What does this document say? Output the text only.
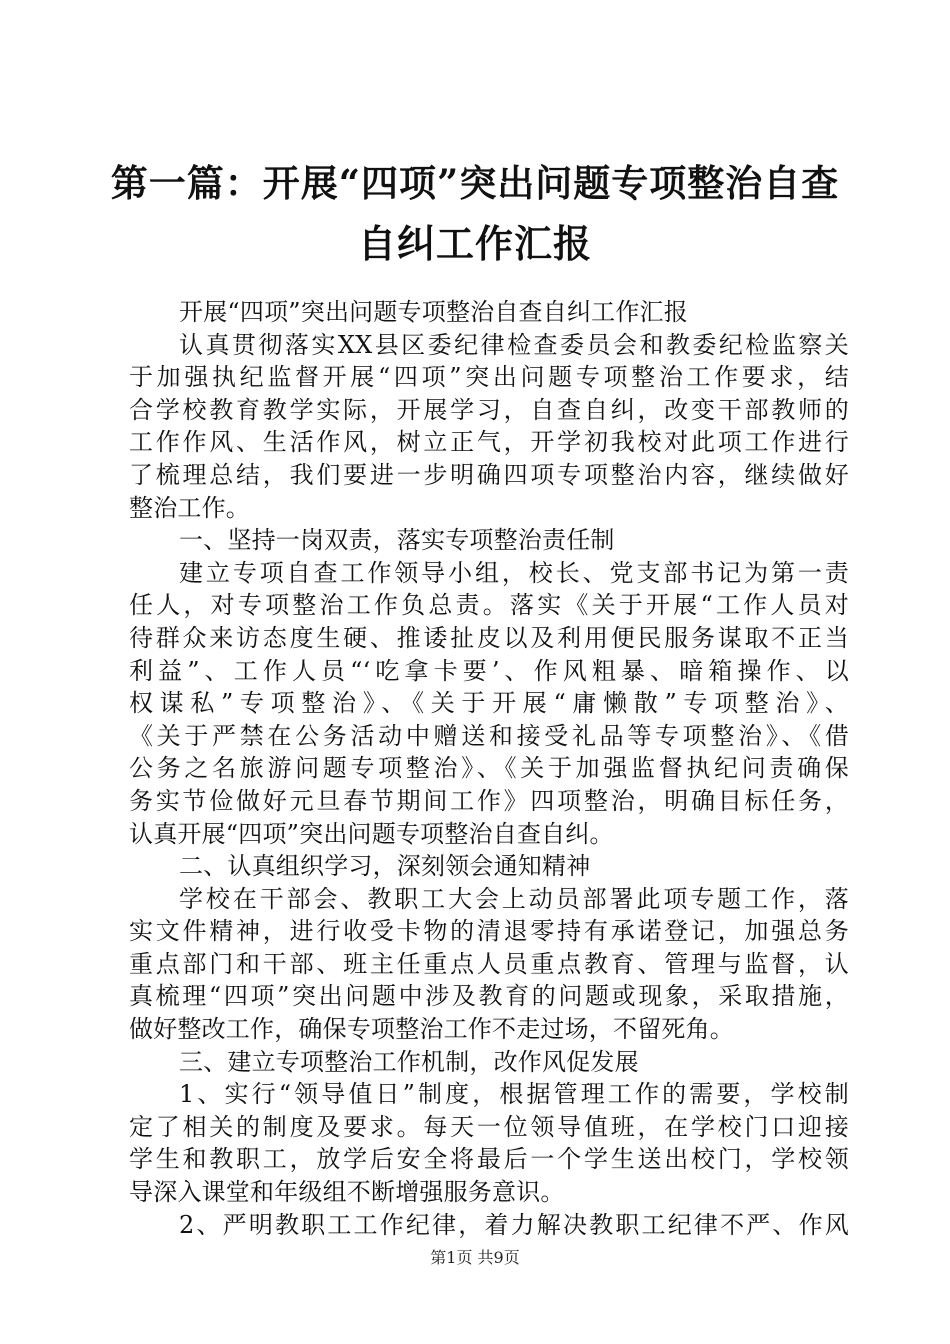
第一篇：开展“四项”突出问题专项整治自查
自纠工作汇报
开展“四项”突出问题专项整治自查自纠工作汇报
认真贯彻落实XX县区委纪律检查委员会和教委纪检监察关
于加强执纪监督开展“四项”突出问题专项整治工作要求，结
合学校教育教学实际，开展学习，自查自纠，改变干部教师的
工作作风、生活作风，树立正气，开学初我校对此项工作进行
了梳理总结，我们要进一步明确四项专项整治内容，继续做好
整治工作。
一、坚持一岗双责，落实专项整治责任制
建立专项自查工作领导小组，校长、党支部书记为第一责
任人，对专项整治工作负总责。落实《关于开展“工作人员对
待群众来访态度生硬、推诿扯皮以及利用便民服务谋取不正当
利益”、工作人员“‘吃拿卡要’、作风粗暴、暗箱操作、以
权谋私”专项整治》、《关于开展“庸懒散”专项整治》、
《关于严禁在公务活动中赠送和接受礼品等专项整治》、《借
公务之名旅游问题专项整治》、《关于加强监督执纪问责确保
务实节俭做好元旦春节期间工作》四项整治，明确目标任务，
认真开展“四项”突出问题专项整治自查自纠。
二、认真组织学习，深刻领会通知精神
学校在干部会、教职工大会上动员部署此项专题工作，落
实文件精神，进行收受卡物的清退零持有承诺登记，加强总务
重点部门和干部、班主任重点人员重点教育、管理与监督，认
真梳理“四项”突出问题中涉及教育的问题或现象，采取措施，
做好整改工作，确保专项整治工作不走过场，不留死角。
三、建立专项整治工作机制，改作风促发展
1、实行“领导值日”制度，根据管理工作的需要，学校制
定了相关的制度及要求。每天一位领导值班，在学校门口迎接
学生和教职工，放学后安全将最后一个学生送出校门，学校领
导深入课堂和年级组不断增强服务意识。
2、严明教职工工作纪律，着力解决教职工纪律不严、作风
第1页 共9页
